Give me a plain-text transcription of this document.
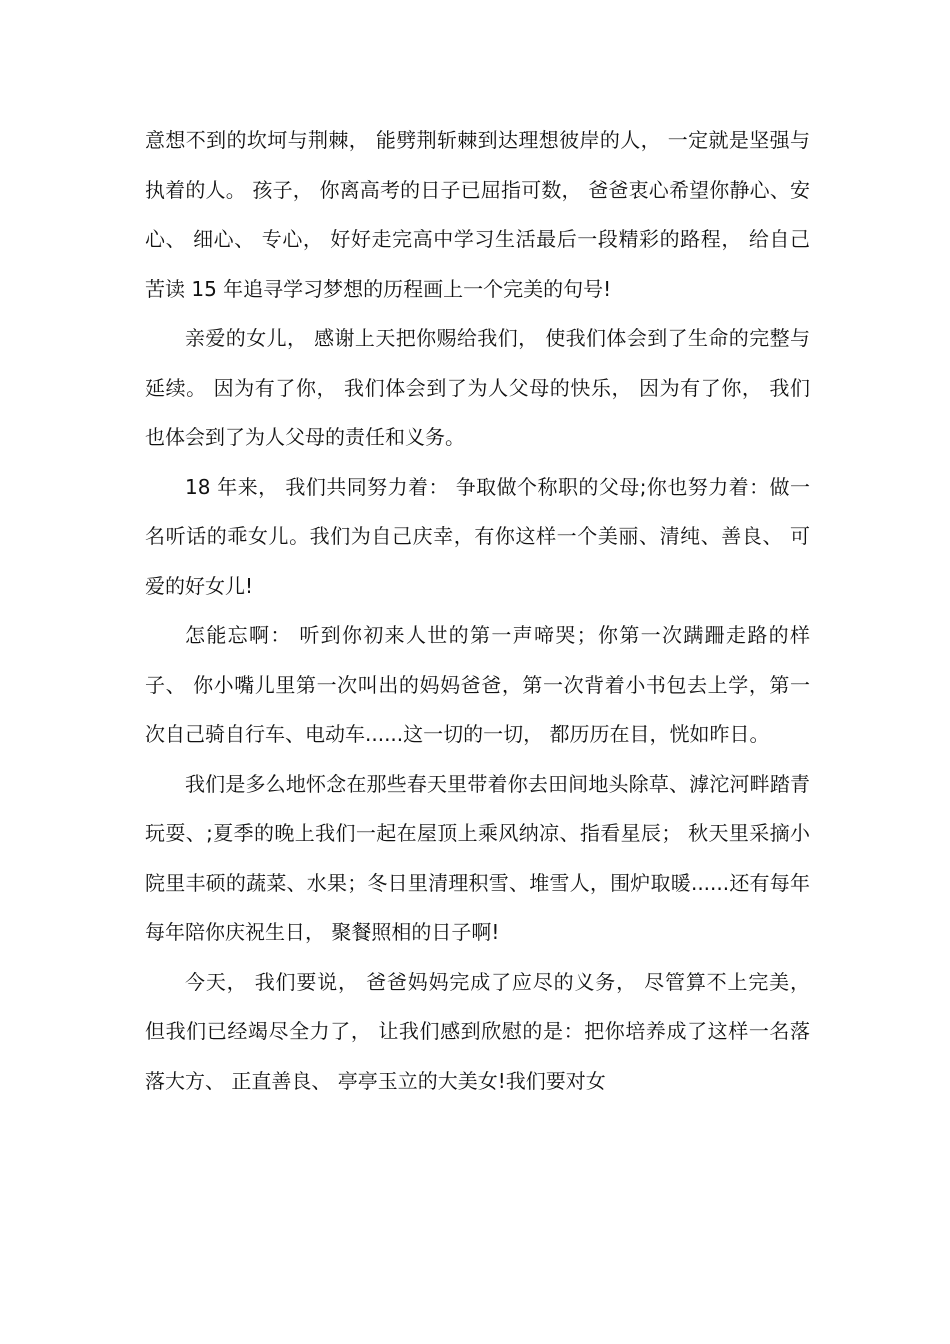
意想不到的坎坷与荆棘， 能劈荆斩棘到达理想彼岸的人， 一定就是坚强与执着的人。 孩子， 你离高考的日子已屈指可数， 爸爸衷心希望你静心、安心、 细心、 专心， 好好走完高中学习生活最后一段精彩的路程， 给自己苦读 15 年追寻学习梦想的历程画上一个完美的句号!

亲爱的女儿， 感谢上天把你赐给我们， 使我们体会到了生命的完整与延续。 因为有了你， 我们体会到了为人父母的快乐， 因为有了你， 我们也体会到了为人父母的责任和义务。

18 年来， 我们共同努力着： 争取做个称职的父母;你也努力着：做一名听话的乖女儿。我们为自己庆幸，有你这样一个美丽、清纯、善良、 可爱的好女儿!

怎能忘啊： 听到你初来人世的第一声啼哭；你第一次蹒跚走路的样子、 你小嘴儿里第一次叫出的妈妈爸爸，第一次背着小书包去上学，第一次自己骑自行车、电动车......这一切的一切， 都历历在目，恍如昨日。

我们是多么地怀念在那些春天里带着你去田间地头除草、滹沱河畔踏青玩耍、;夏季的晚上我们一起在屋顶上乘风纳凉、指看星辰； 秋天里采摘小院里丰硕的蔬菜、水果；冬日里清理积雪、堆雪人，围炉取暖......还有每年每年陪你庆祝生日， 聚餐照相的日子啊!

今天， 我们要说， 爸爸妈妈完成了应尽的义务， 尽管算不上完美， 但我们已经竭尽全力了， 让我们感到欣慰的是：把你培养成了这样一名落落大方、 正直善良、 亭亭玉立的大美女!我们要对女
